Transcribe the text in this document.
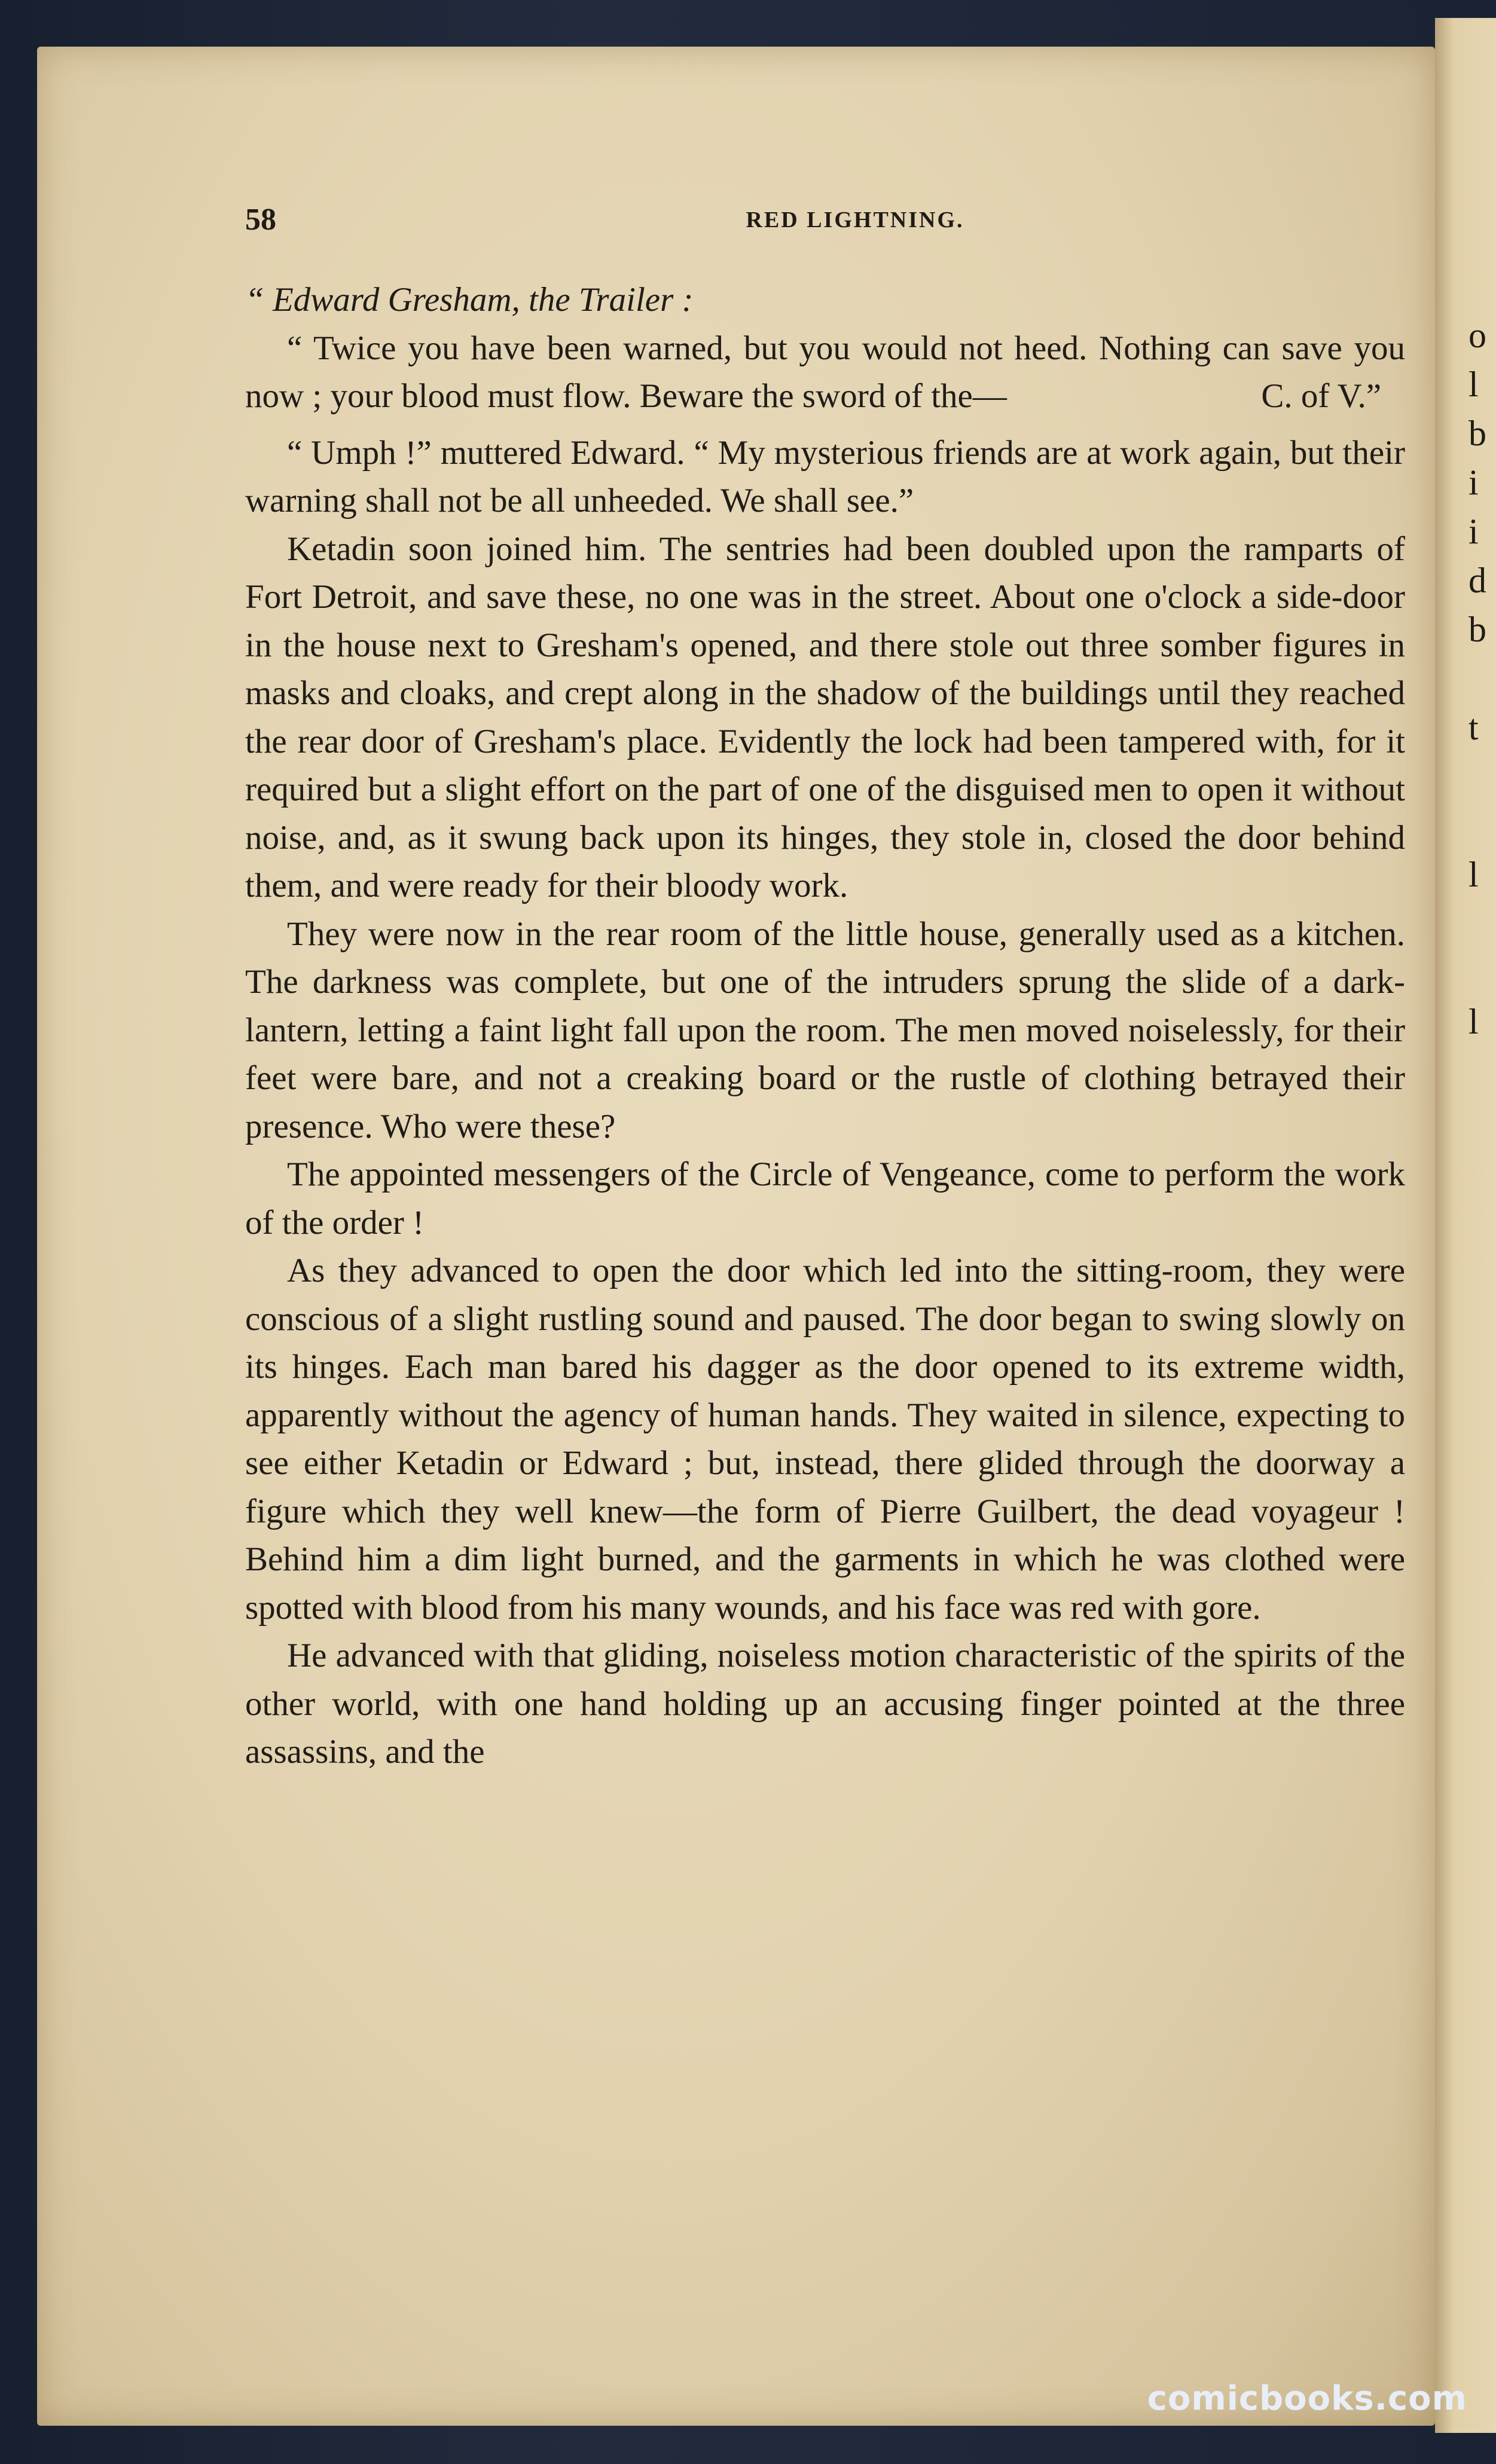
o
l
b
i
i
d
b

t

l

l
58	RED LIGHTNING.

“ Edward Gresham, the Trailer :

“ Twice you have been warned, but you would not heed. Nothing can save you now ; your blood must flow. Beware the sword of the—	C. of V.”

“ Umph !” muttered Edward. “ My mysterious friends are at work again, but their warning shall not be all unheeded. We shall see.”

Ketadin soon joined him. The sentries had been doubled upon the ramparts of Fort Detroit, and save these, no one was in the street. About one o'clock a side-door in the house next to Gresham's opened, and there stole out three somber figures in masks and cloaks, and crept along in the shadow of the buildings until they reached the rear door of Gresham's place. Evidently the lock had been tampered with, for it required but a slight effort on the part of one of the disguised men to open it without noise, and, as it swung back upon its hinges, they stole in, closed the door behind them, and were ready for their bloody work.

They were now in the rear room of the little house, generally used as a kitchen. The darkness was complete, but one of the intruders sprung the slide of a dark-lantern, letting a faint light fall upon the room. The men moved noiselessly, for their feet were bare, and not a creaking board or the rustle of clothing betrayed their presence. Who were these?

The appointed messengers of the Circle of Vengeance, come to perform the work of the order !

As they advanced to open the door which led into the sitting-room, they were conscious of a slight rustling sound and paused. The door began to swing slowly on its hinges. Each man bared his dagger as the door opened to its extreme width, apparently without the agency of human hands. They waited in silence, expecting to see either Ketadin or Edward ; but, instead, there glided through the doorway a figure which they well knew—the form of Pierre Guilbert, the dead voyageur ! Behind him a dim light burned, and the garments in which he was clothed were spotted with blood from his many wounds, and his face was red with gore.

He advanced with that gliding, noiseless motion characteristic of the spirits of the other world, with one hand holding up an accusing finger pointed at the three assassins, and the

comicbooks.com
